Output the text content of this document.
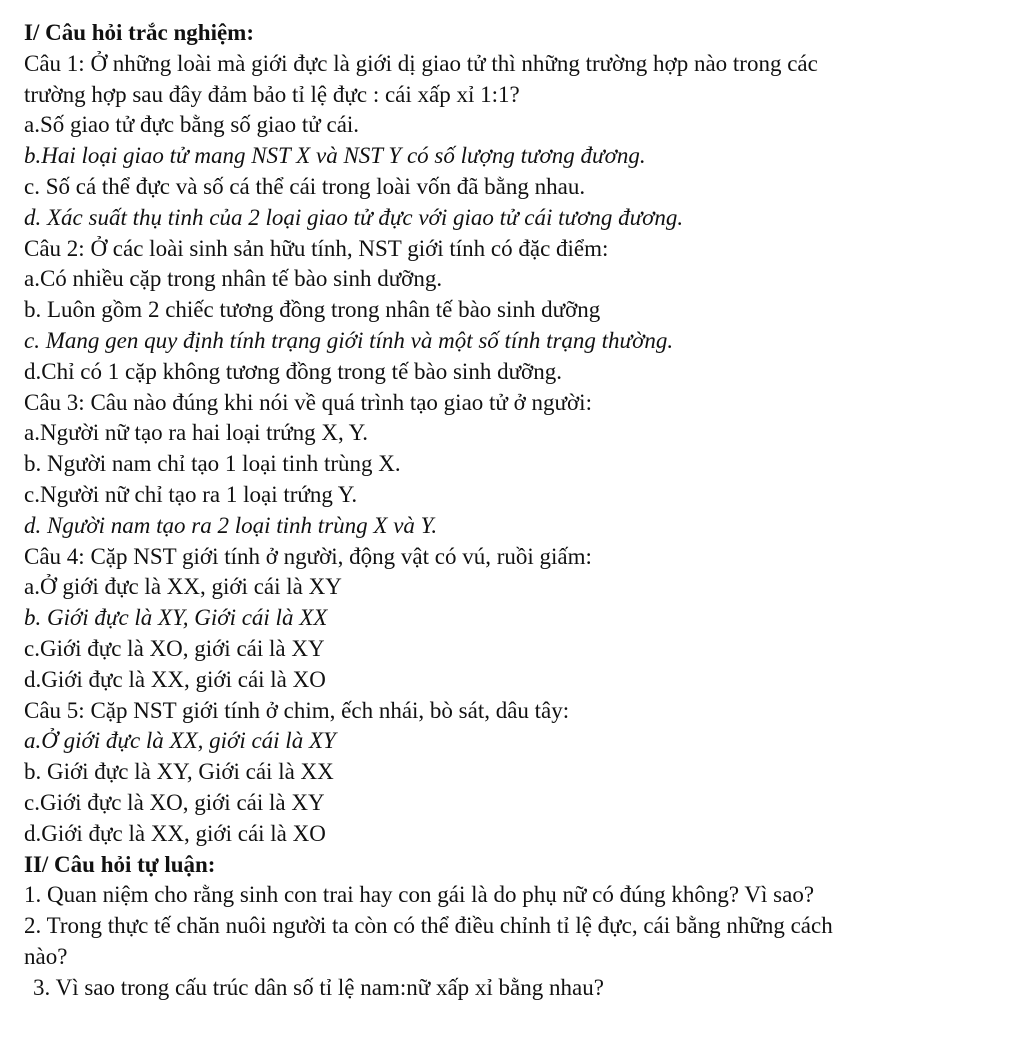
I/ Câu hỏi trắc nghiệm:
Câu 1: Ở những loài mà giới đực là giới dị giao tử thì những trường hợp nào trong các
trường hợp sau đây đảm bảo tỉ lệ đực : cái xấp xỉ 1:1?
a.Số giao tử đực bằng số giao tử cái.
b.Hai loại giao tử mang NST X và NST Y có số lượng tương đương.
c. Số cá thể đực và số cá thể cái trong loài vốn đã bằng nhau.
d. Xác suất thụ tinh của 2 loại giao tử đực với giao tử cái tương đương.
Câu 2: Ở các loài sinh sản hữu tính, NST giới tính có đặc điểm:
a.Có nhiều cặp trong nhân tế bào sinh dưỡng.
b. Luôn gồm 2 chiếc tương đồng trong nhân tế bào sinh dưỡng
c. Mang gen quy định tính trạng giới tính và một số tính trạng thường.
d.Chỉ có 1 cặp không tương đồng trong tế bào sinh dưỡng.
Câu 3: Câu nào đúng khi nói về quá trình tạo giao tử ở người:
a.Người nữ tạo ra hai loại trứng X, Y.
b. Người nam chỉ tạo 1 loại tinh trùng X.
c.Người nữ chỉ tạo ra 1 loại trứng Y.
d. Người nam tạo ra 2 loại tinh trùng X và Y.
Câu 4: Cặp NST giới tính ở người, động vật có vú, ruồi giấm:
a.Ở giới đực là XX, giới cái là XY
b. Giới đực là XY, Giới cái là XX
c.Giới đực là XO, giới cái là XY
d.Giới đực là XX, giới cái là XO
Câu 5: Cặp NST giới tính ở chim, ếch nhái, bò sát, dâu tây:
a.Ở giới đực là XX, giới cái là XY
b. Giới đực là XY, Giới cái là XX
c.Giới đực là XO, giới cái là XY
d.Giới đực là XX, giới cái là XO
II/ Câu hỏi tự luận:
1. Quan niệm cho rằng sinh con trai hay con gái là do phụ nữ có đúng không? Vì sao?
2. Trong thực tế chăn nuôi người ta còn có thể điều chỉnh tỉ lệ đực, cái bằng những cách
nào?
3. Vì sao trong cấu trúc dân số tỉ lệ nam:nữ xấp xỉ bằng nhau?
